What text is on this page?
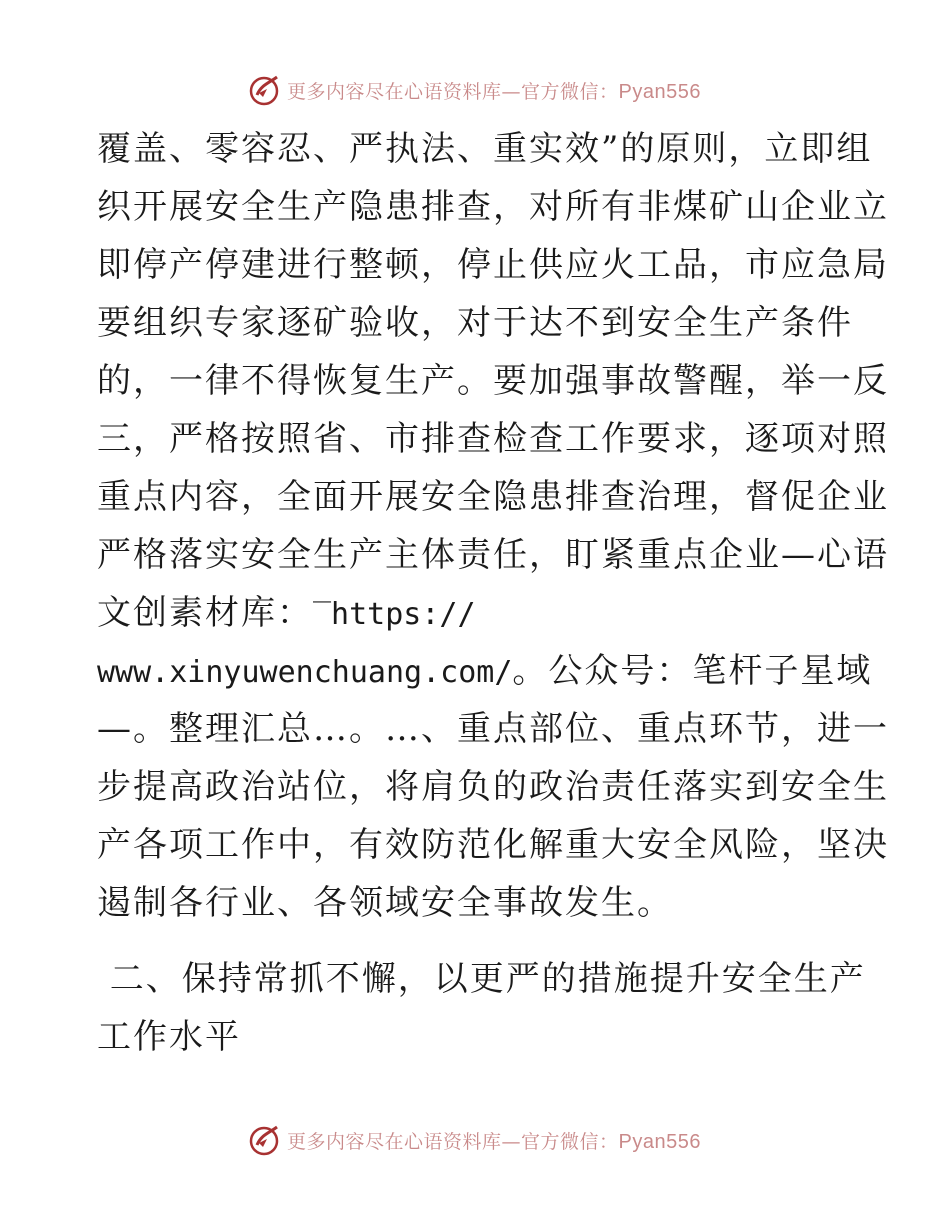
更多内容尽在心语资料库—官方微信：Pyan556
覆盖、零容忍、严执法、重实效”的原则，立即组
织开展安全生产隐患排查，对所有非煤矿山企业立
即停产停建进行整顿，停止供应火工品，市应急局
要组织专家逐矿验收，对于达不到安全生产条件
的，一律不得恢复生产。要加强事故警醒，举一反
三，严格按照省、市排查检查工作要求，逐项对照
重点内容，全面开展安全隐患排查治理，督促企业
严格落实安全生产主体责任，盯紧重点企业—心语
文创素材库：‾https://
www.xinyuwenchuang.com/。公众号：笔杆子星域
—。整理汇总…。…、重点部位、重点环节，进一
步提高政治站位，将肩负的政治责任落实到安全生
产各项工作中，有效防范化解重大安全风险，坚决
遏制各行业、各领域安全事故发生。
二、保持常抓不懈，以更严的措施提升安全生产
工作水平
更多内容尽在心语资料库—官方微信：Pyan556
